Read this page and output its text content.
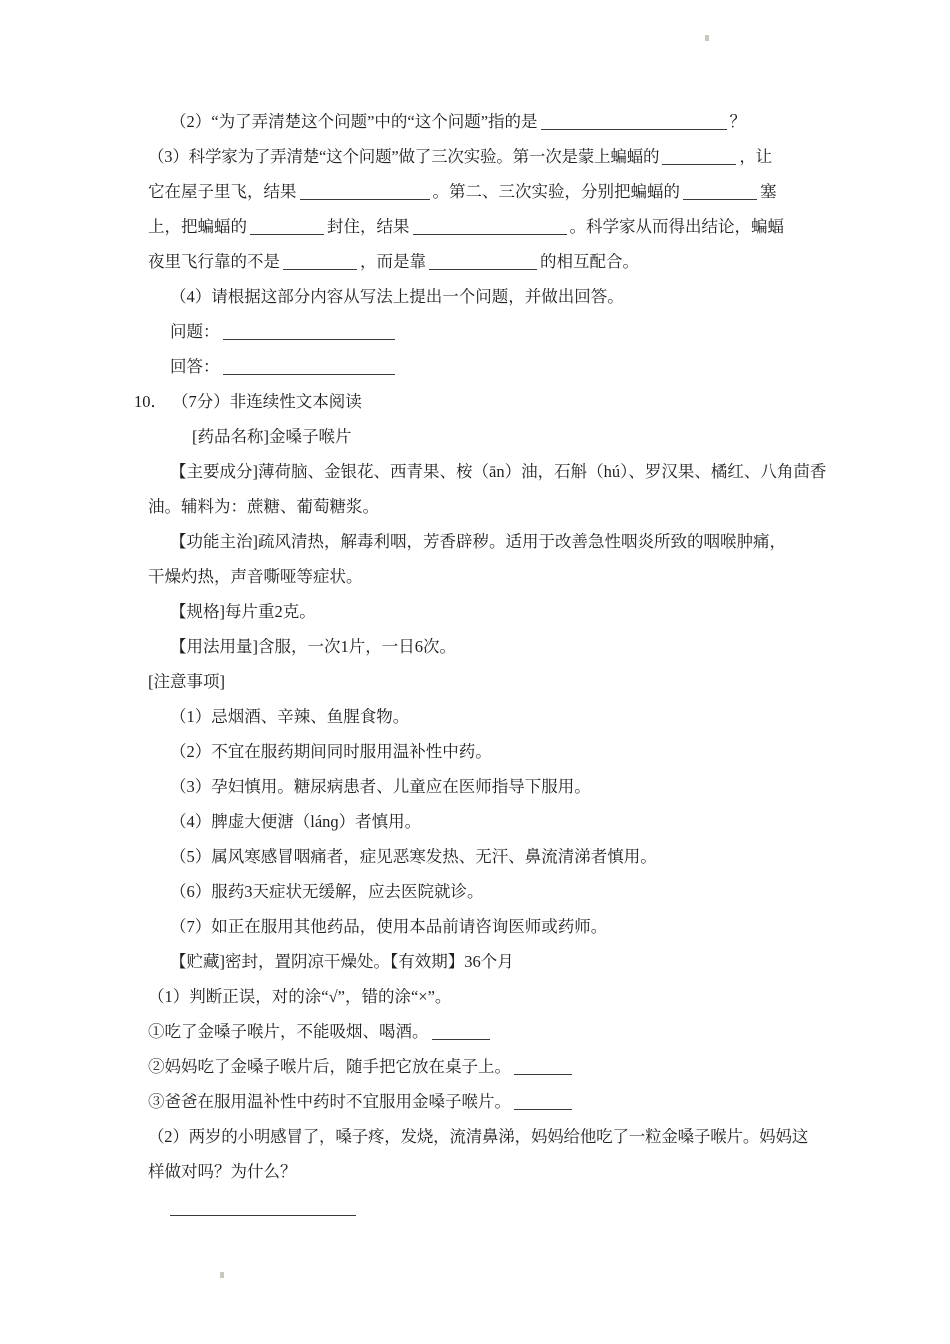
（2）“为了弄清楚这个问题”中的“这个问题”指的是	？
（3）科学家为了弄清楚“这个问题”做了三次实验。第一次是蒙上蝙蝠的	，让
它在屋子里飞，结果	。第二、三次实验，分别把蝙蝠的	塞
上，把蝙蝠的	封住，结果	。科学家从而得出结论，蝙蝠
夜里飞行靠的不是	，而是靠	的相互配合。
（4）请根据这部分内容从写法上提出一个问题，并做出回答。
问题：
回答：
10． （7分）非连续性文本阅读
[药品名称]金嗓子喉片
【主要成分]薄荷脑、金银花、西青果、桉（ān）油，石斛（hú）、罗汉果、橘红、八角茴香
油。辅料为：蔗糖、葡萄糖浆。
【功能主治]疏风清热，解毒利咽，芳香辟秽。适用于改善急性咽炎所致的咽喉肿痛，
干燥灼热，声音嘶哑等症状。
【规格]每片重2克。
【用法用量]含服，一次1片，一日6次。
[注意事项]
（1）忌烟酒、辛辣、鱼腥食物。
（2）不宜在服药期间同时服用温补性中药。
（3）孕妇慎用。糖尿病患者、儿童应在医师指导下服用。
（4）脾虚大便溏（lánɡ）者慎用。
（5）属风寒感冒咽痛者，症见恶寒发热、无汗、鼻流清涕者慎用。
（6）服药3天症状无缓解，应去医院就诊。
（7）如正在服用其他药品，使用本品前请咨询医师或药师。
【贮藏]密封，置阴凉干燥处。【有效期】36个月
（1）判断正误，对的涂“√”，错的涂“×”。
①吃了金嗓子喉片，不能吸烟、喝酒。
②妈妈吃了金嗓子喉片后，随手把它放在桌子上。
③爸爸在服用温补性中药时不宜服用金嗓子喉片。
（2）两岁的小明感冒了，嗓子疼，发烧，流清鼻涕，妈妈给他吃了一粒金嗓子喉片。妈妈这
样做对吗？为什么？
